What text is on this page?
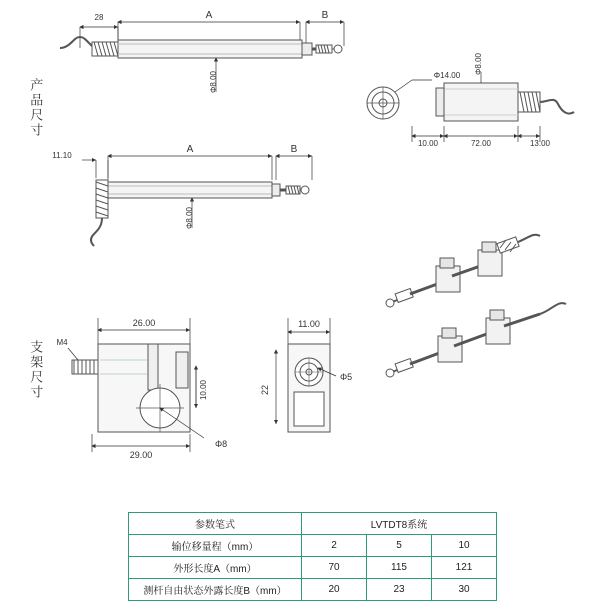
产品尺寸
支架尺寸
28	A	B
Φ8.00
11.10
A	B
Φ8.00
Φ14.00
Φ8.00
10.00	72.00	13.00
26.00
29.00
10.00
M4
Φ8
11.00
22
Φ5
参数笔式	LVTDT8系统		
输位移量程（mm）	2	5	10
外形长度A（mm）	70	115	121
测杆自由状态外露长度B（mm）	20	23	30
